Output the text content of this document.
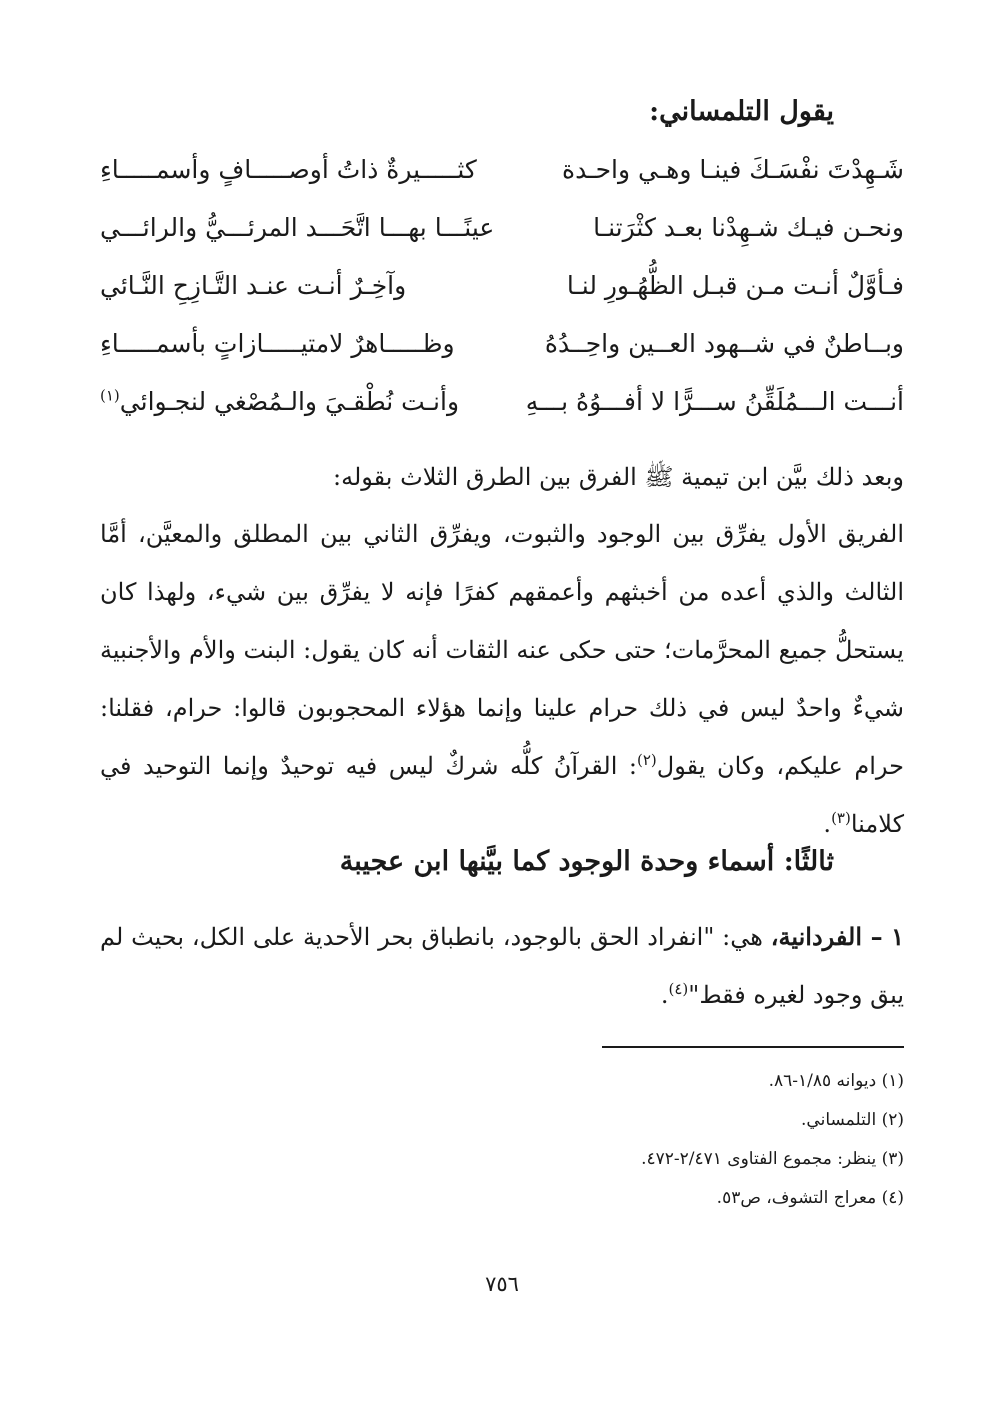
يقول التلمساني:
شَـهِدْتَ نفْسَـكَ فينـا وهـي واحـدة
كثـــــيرةٌ ذاتُ أوصـــــافٍ وأسمـــــاءِ
ونحـن فيـك شـهِدْنا بعـد كثْرَتنـا
عينًـــا بهـــا اتَّحَـــد المرئـــيُّ والرائـــي
فـأوَّلٌ أنـت مـن قبـل الظُّهُـورِ لنـا
وآخِـرٌ أنـت عنـد التَّـازِحِ النَّـائي
وبــاطنٌ في شــهود العــين واحِــدُهُ
وظـــــاهرٌ لامتيـــــازاتٍ بأسمـــــاءِ
أنـــت الـــمُلَقِّنُ ســـرًّا لا أفـــوُهُ بـــهِ
وأنـت نُطْقـيَ والـمُصْغي لنجـوائي$^{(١)}$
وبعد ذلك بيَّن ابن تيمية ﷺ الفرق بين الطرق الثلاث بقوله:
الفريق الأول يفرِّق بين الوجود والثبوت، ويفرِّق الثاني بين المطلق والمعيَّن، أمَّا الثالث والذي أعده من أخبثهم وأعمقهم كفرًا فإنه لا يفرِّق بين شيء، ولهذا كان يستحلُّ جميع المحرَّمات؛ حتى حكى عنه الثقات أنه كان يقول: البنت والأم والأجنبية شيءٌ واحدٌ ليس في ذلك حرام علينا وإنما هؤلاء المحجوبون قالوا: حرام، فقلنا: حرام عليكم، وكان يقول$^{(٢)}$: القرآنُ كلُّه شركٌ ليس فيه توحيدٌ وإنما التوحيد في كلامنا$^{(٣)}$.
ثالثًا: أسماء وحدة الوجود كما بيَّنها ابن عجيبة
١ – الفردانية، هي: "انفراد الحق بالوجود، بانطباق بحر الأحدية على الكل، بحيث لم يبق وجود لغيره فقط"$^{(٤)}$.
(١) ديوانه ١/٨٥-٨٦.
(٢) التلمساني.
(٣) ينظر: مجموع الفتاوى ٢/٤٧١-٤٧٢.
(٤) معراج التشوف، ص٥٣.
٧٥٦
